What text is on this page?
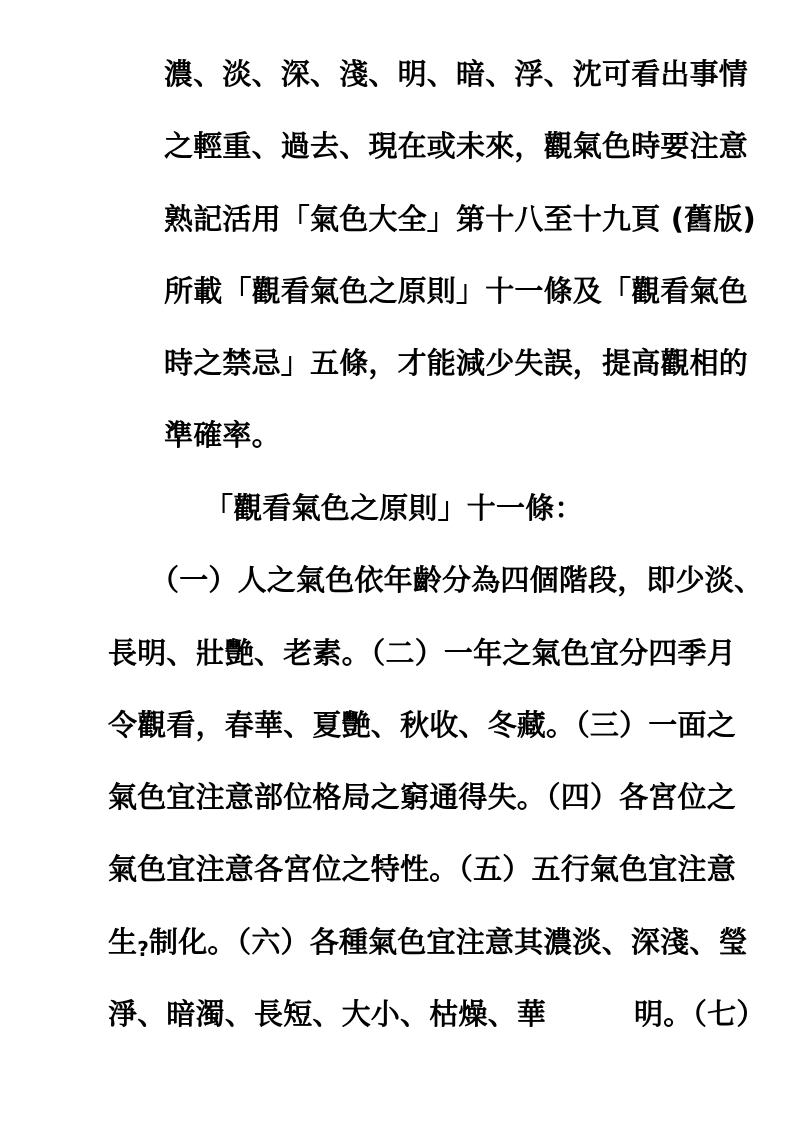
濃、淡、深、淺、明、暗、浮、沈可看出事情
之輕重、過去、現在或未來，觀氣色時要注意
熟記活用「氣色大全」第十八至十九頁 (舊版)
所載「觀看氣色之原則」十一條及「觀看氣色
時之禁忌」五條，才能減少失誤，提高觀相的
準確率。
「觀看氣色之原則」十一條：
（一）人之氣色依年齡分為四個階段，即少淡、
長明、壯艷、老素。（二）一年之氣色宜分四季月
令觀看，春華、夏艷、秋收、冬藏。（三）一面之
氣色宜注意部位格局之窮通得失。（四）各宮位之
氣色宜注意各宮位之特性。（五）五行氣色宜注意
生?制化。（六）各種氣色宜注意其濃淡、深淺、瑩
淨、暗濁、長短、大小、枯燥、華	明。（七）
